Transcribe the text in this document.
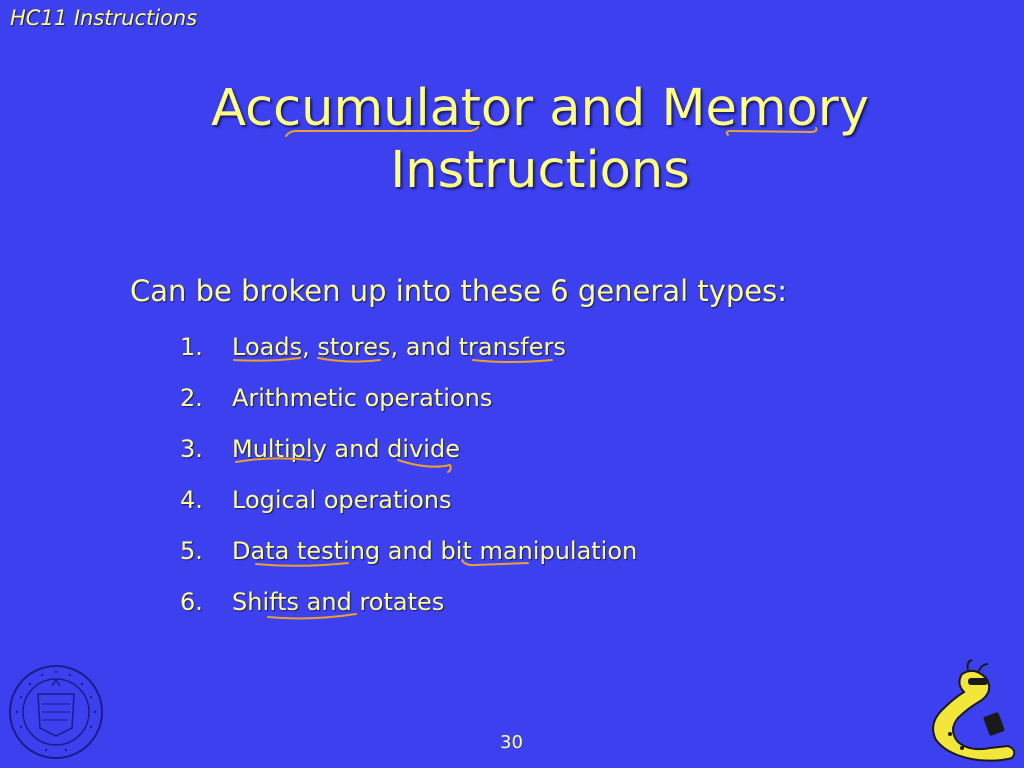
HC11 Instructions
Accumulator and Memory
Instructions
Can be broken up into these 6 general types:
1. Loads, stores, and transfers
2. Arithmetic operations
3. Multiply and divide
4. Logical operations
5. Data testing and bit manipulation
6. Shifts and rotates
30
